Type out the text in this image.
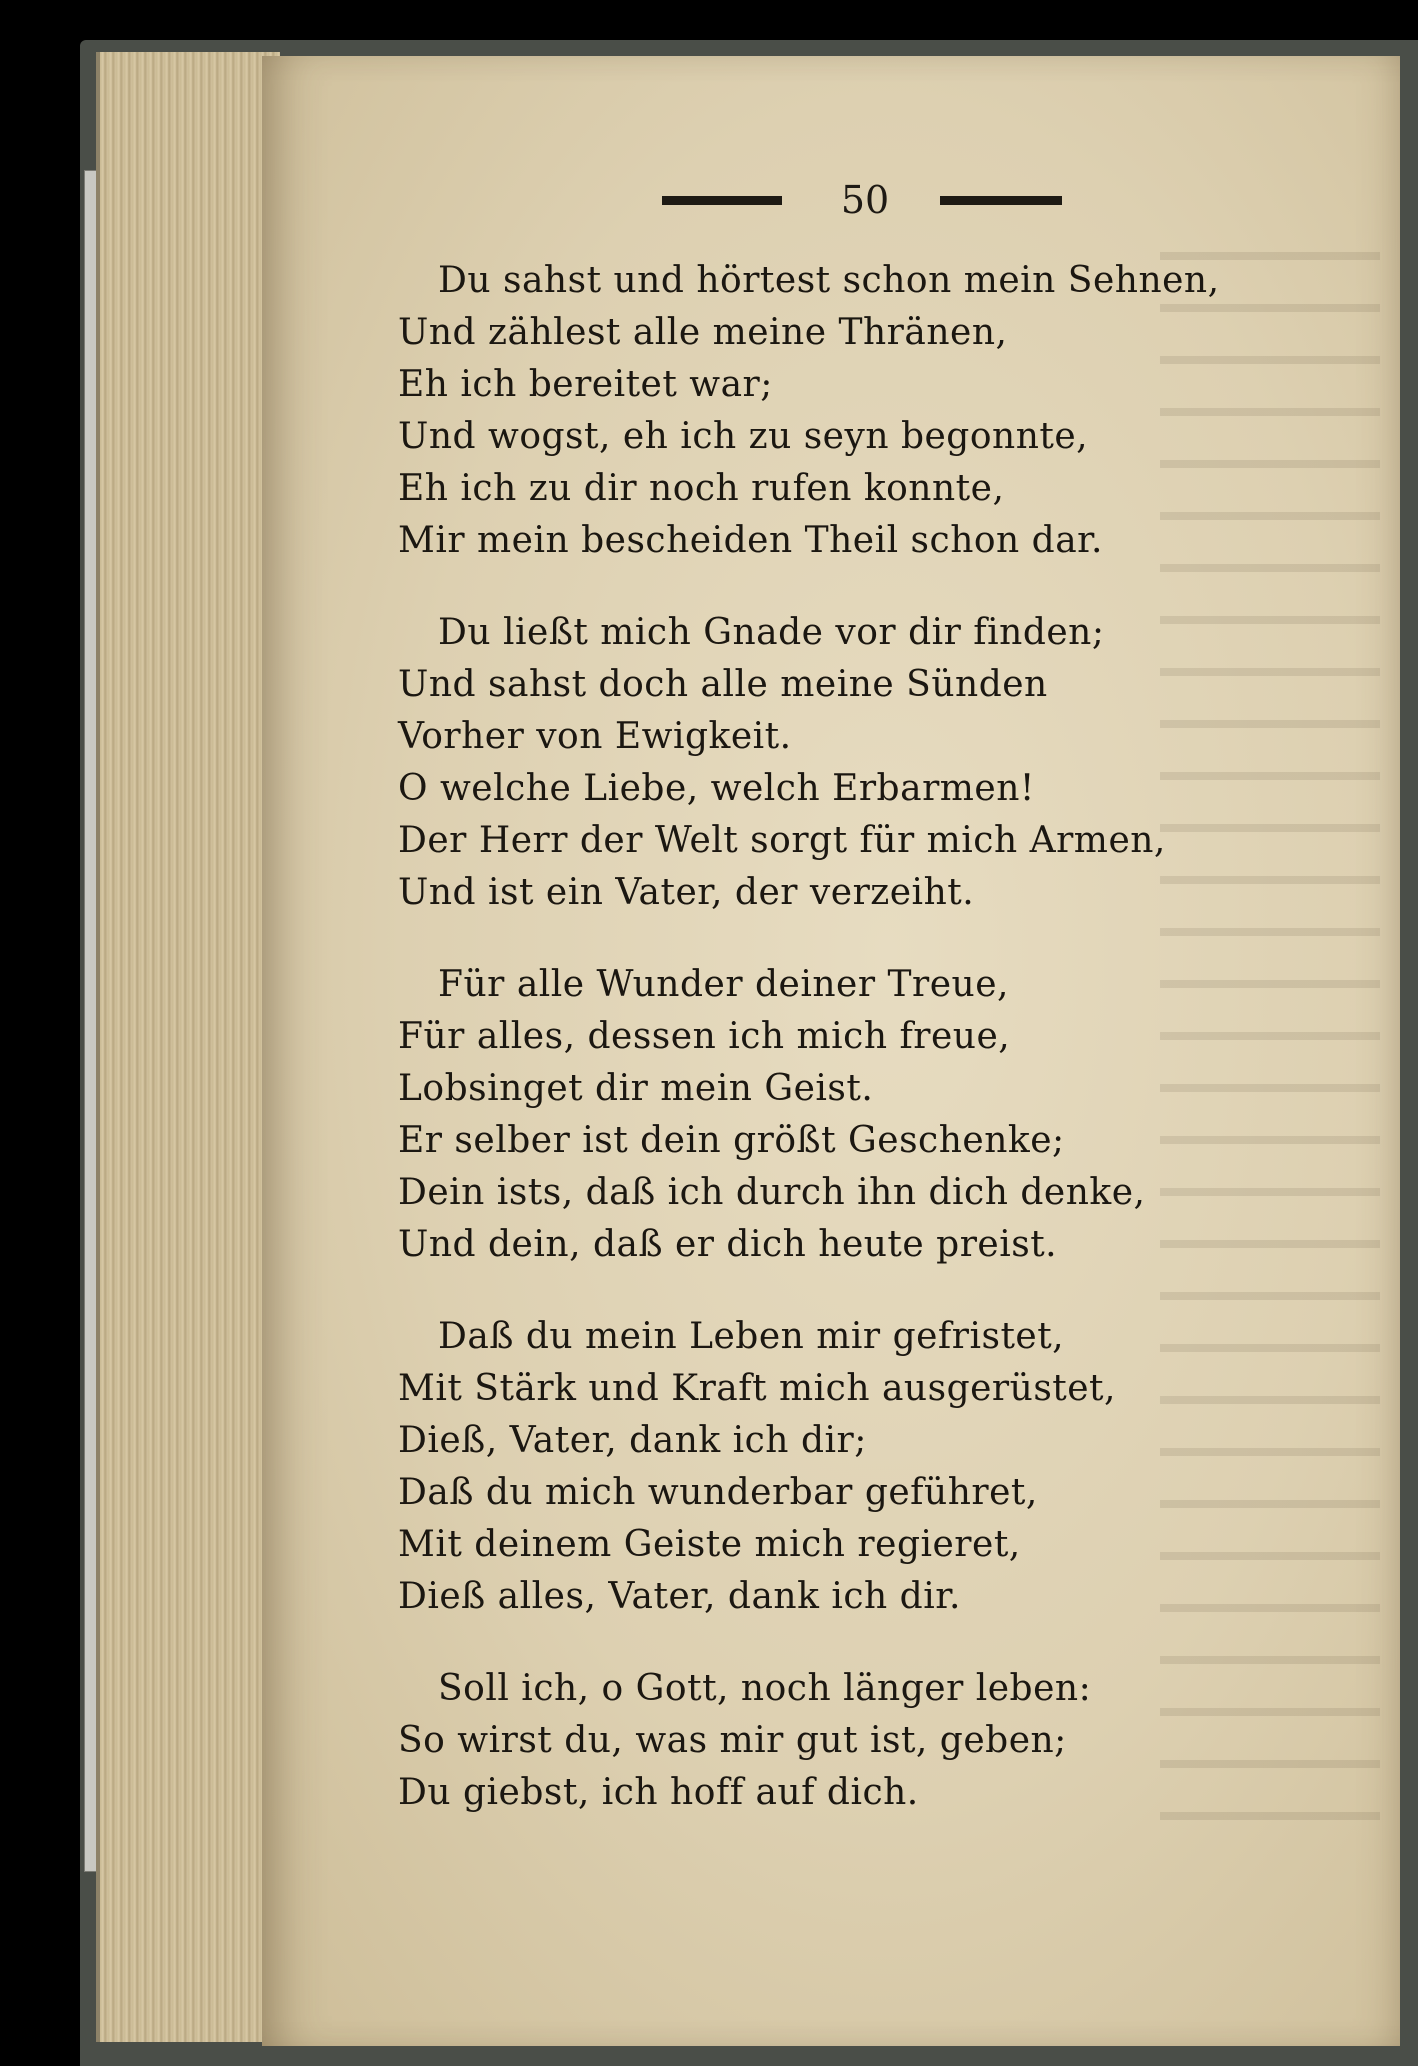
50
Du sahst und hörtest schon mein Sehnen,
Und zählest alle meine Thränen,
Eh ich bereitet war;
Und wogst, eh ich zu seyn begonnte,
Eh ich zu dir noch rufen konnte,
Mir mein bescheiden Theil schon dar.
Du ließt mich Gnade vor dir finden;
Und sahst doch alle meine Sünden
Vorher von Ewigkeit.
O welche Liebe, welch Erbarmen!
Der Herr der Welt sorgt für mich Armen,
Und ist ein Vater, der verzeiht.
Für alle Wunder deiner Treue,
Für alles, dessen ich mich freue,
Lobsinget dir mein Geist.
Er selber ist dein größt Geschenke;
Dein ists, daß ich durch ihn dich denke,
Und dein, daß er dich heute preist.
Daß du mein Leben mir gefristet,
Mit Stärk und Kraft mich ausgerüstet,
Dieß, Vater, dank ich dir;
Daß du mich wunderbar geführet,
Mit deinem Geiste mich regieret,
Dieß alles, Vater, dank ich dir.
Soll ich, o Gott, noch länger leben:
So wirst du, was mir gut ist, geben;
Du giebst, ich hoff auf dich.
